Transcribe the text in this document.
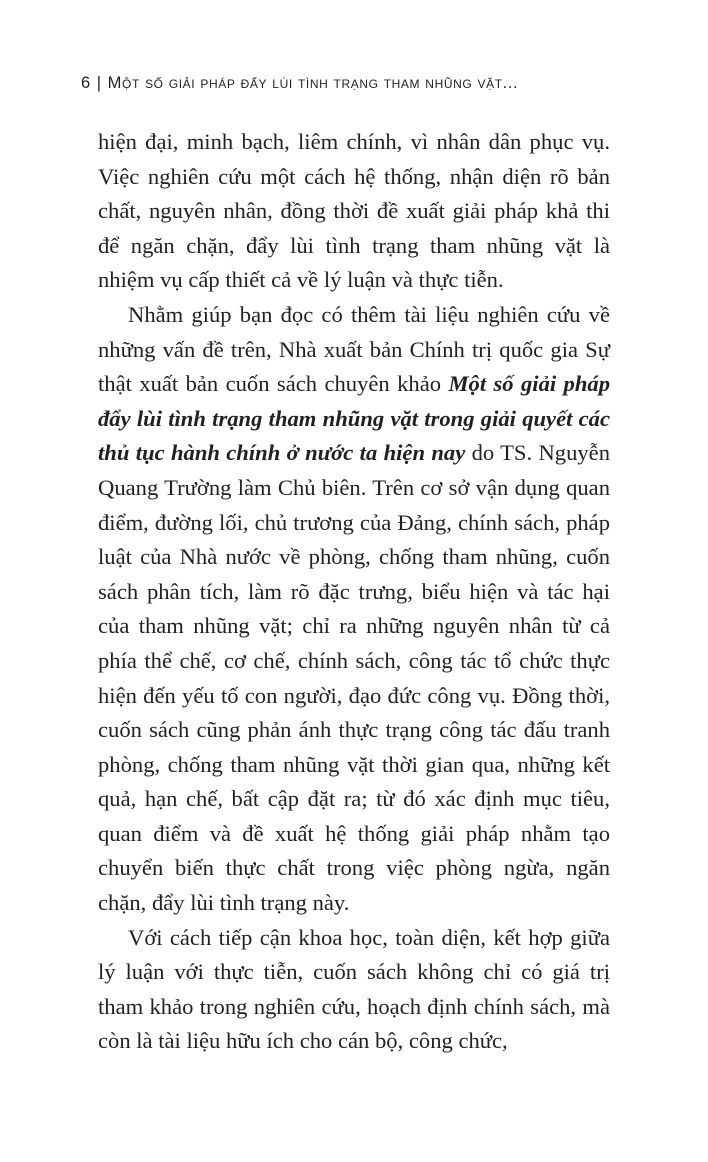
6 | Một số giải pháp đẩy lùi tình trạng tham nhũng vặt...

hiện đại, minh bạch, liêm chính, vì nhân dân phục vụ. Việc nghiên cứu một cách hệ thống, nhận diện rõ bản chất, nguyên nhân, đồng thời đề xuất giải pháp khả thi để ngăn chặn, đẩy lùi tình trạng tham nhũng vặt là nhiệm vụ cấp thiết cả về lý luận và thực tiễn.

Nhằm giúp bạn đọc có thêm tài liệu nghiên cứu về những vấn đề trên, Nhà xuất bản Chính trị quốc gia Sự thật xuất bản cuốn sách chuyên khảo Một số giải pháp đẩy lùi tình trạng tham nhũng vặt trong giải quyết các thủ tục hành chính ở nước ta hiện nay do TS. Nguyễn Quang Trường làm Chủ biên. Trên cơ sở vận dụng quan điểm, đường lối, chủ trương của Đảng, chính sách, pháp luật của Nhà nước về phòng, chống tham nhũng, cuốn sách phân tích, làm rõ đặc trưng, biểu hiện và tác hại của tham nhũng vặt; chỉ ra những nguyên nhân từ cả phía thể chế, cơ chế, chính sách, công tác tổ chức thực hiện đến yếu tố con người, đạo đức công vụ. Đồng thời, cuốn sách cũng phản ánh thực trạng công tác đấu tranh phòng, chống tham nhũng vặt thời gian qua, những kết quả, hạn chế, bất cập đặt ra; từ đó xác định mục tiêu, quan điểm và đề xuất hệ thống giải pháp nhằm tạo chuyển biến thực chất trong việc phòng ngừa, ngăn chặn, đẩy lùi tình trạng này.

Với cách tiếp cận khoa học, toàn diện, kết hợp giữa lý luận với thực tiễn, cuốn sách không chỉ có giá trị tham khảo trong nghiên cứu, hoạch định chính sách, mà còn là tài liệu hữu ích cho cán bộ, công chức,
